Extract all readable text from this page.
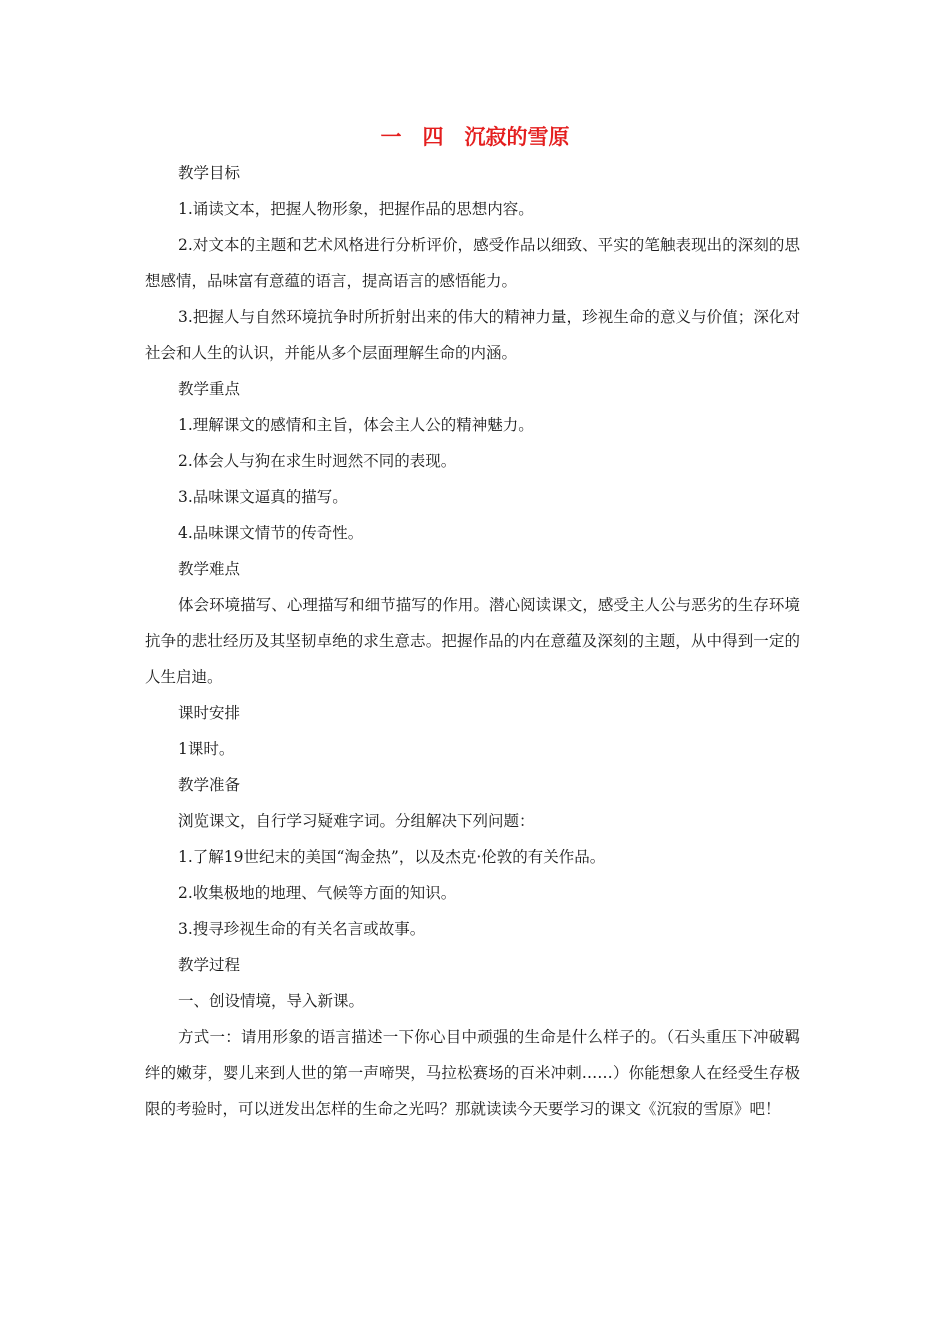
一　四　沉寂的雪原

教学目标

1.诵读文本，把握人物形象，把握作品的思想内容。

2.对文本的主题和艺术风格进行分析评价，感受作品以细致、平实的笔触表现出的深刻的思想感情，品味富有意蕴的语言，提高语言的感悟能力。

3.把握人与自然环境抗争时所折射出来的伟大的精神力量，珍视生命的意义与价值；深化对社会和人生的认识，并能从多个层面理解生命的内涵。

教学重点

1.理解课文的感情和主旨，体会主人公的精神魅力。

2.体会人与狗在求生时迥然不同的表现。

3.品味课文逼真的描写。

4.品味课文情节的传奇性。

教学难点

体会环境描写、心理描写和细节描写的作用。潜心阅读课文，感受主人公与恶劣的生存环境抗争的悲壮经历及其坚韧卓绝的求生意志。把握作品的内在意蕴及深刻的主题，从中得到一定的人生启迪。

课时安排

1课时。

教学准备

浏览课文，自行学习疑难字词。分组解决下列问题：

1.了解19世纪末的美国“淘金热”，以及杰克·伦敦的有关作品。

2.收集极地的地理、气候等方面的知识。

3.搜寻珍视生命的有关名言或故事。

教学过程

一、创设情境，导入新课。

方式一：请用形象的语言描述一下你心目中顽强的生命是什么样子的。（石头重压下冲破羁绊的嫩芽，婴儿来到人世的第一声啼哭，马拉松赛场的百米冲刺……）你能想象人在经受生存极限的考验时，可以迸发出怎样的生命之光吗？那就读读今天要学习的课文《沉寂的雪原》吧！
